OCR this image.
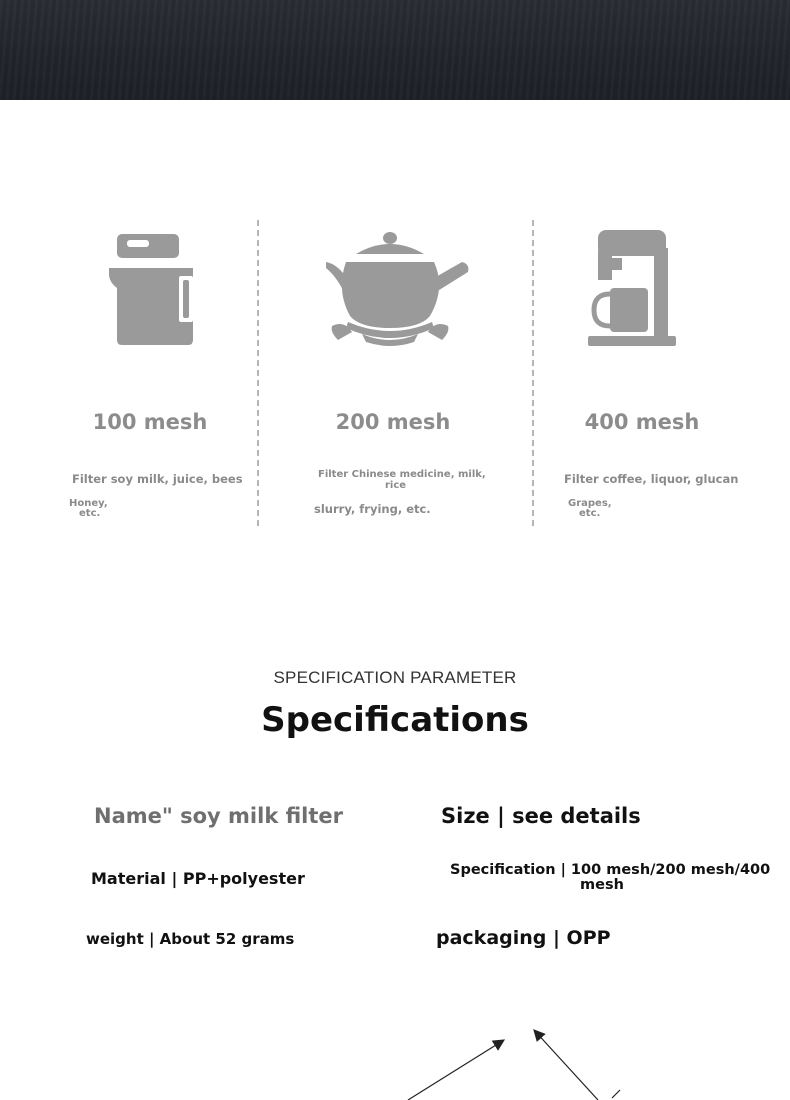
100 mesh
Filter soy milk, juice, bees
Honey,
etc.
200 mesh
Filter Chinese medicine, milk,
rice
slurry, frying, etc.
400 mesh
Filter coffee, liquor, glucan
Grapes,
etc.
SPECIFICATION PARAMETER
Specifications
Name" soy milk filter	Size | see details
Material | PP+polyester	Specification | 100 mesh/200 mesh/400
mesh
weight | About 52 grams	packaging | OPP
